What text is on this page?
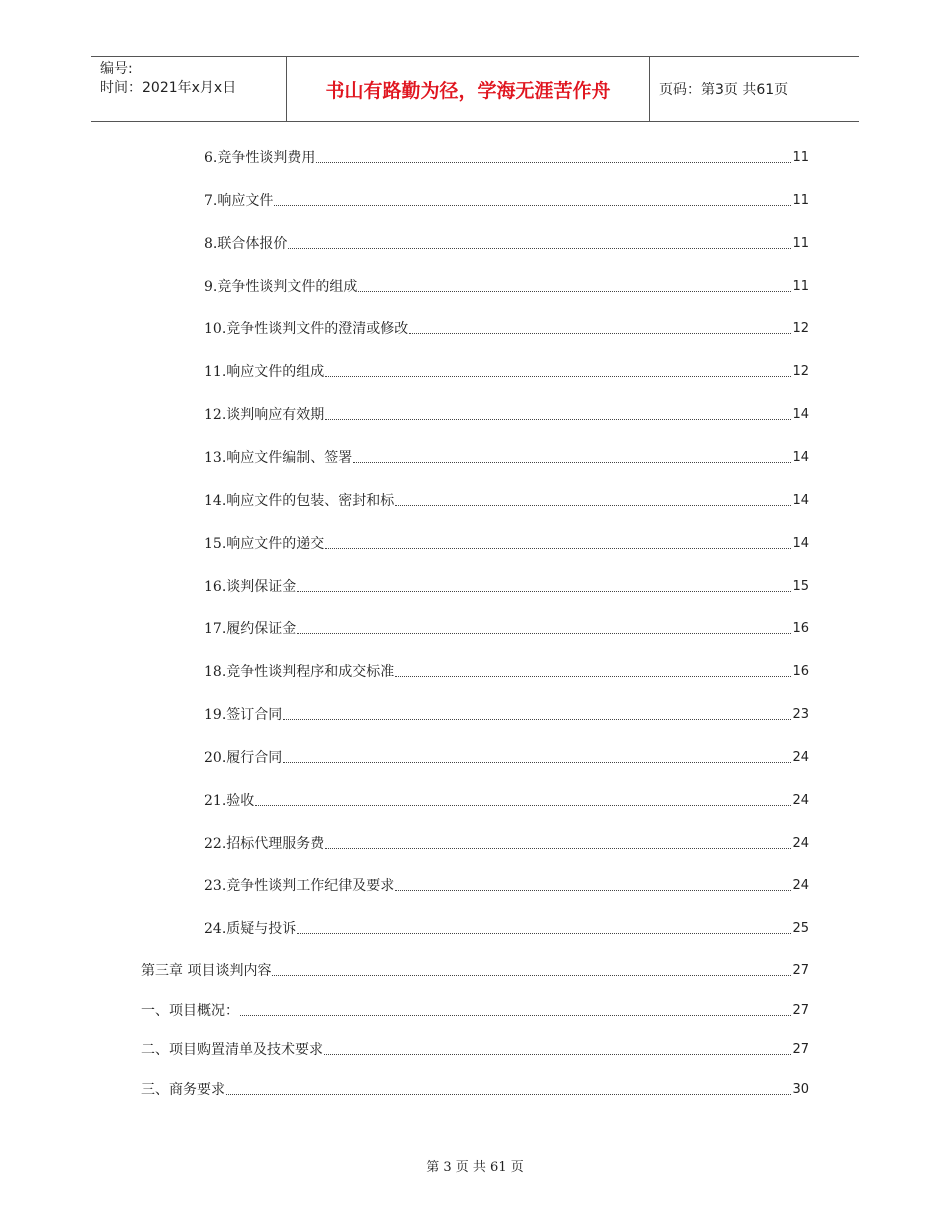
编号:
时间：2021年x月x日	书山有路勤为径，学海无涯苦作舟	页码：第3页 共61页
6.竞争性谈判费用	11
7.响应文件	11
8.联合体报价	11
9.竞争性谈判文件的组成	11
10.竞争性谈判文件的澄清或修改	12
11.响应文件的组成	12
12.谈判响应有效期	14
13.响应文件编制、签署	14
14.响应文件的包装、密封和标	14
15.响应文件的递交	14
16.谈判保证金	15
17.履约保证金	16
18.竞争性谈判程序和成交标准	16
19.签订合同	23
20.履行合同	24
21.验收	24
22.招标代理服务费	24
23.竞争性谈判工作纪律及要求	24
24.质疑与投诉	25
第三章 项目谈判内容	27
一、项目概况：	27
二、项目购置清单及技术要求	27
三、商务要求	30
第 3 页 共 61 页
